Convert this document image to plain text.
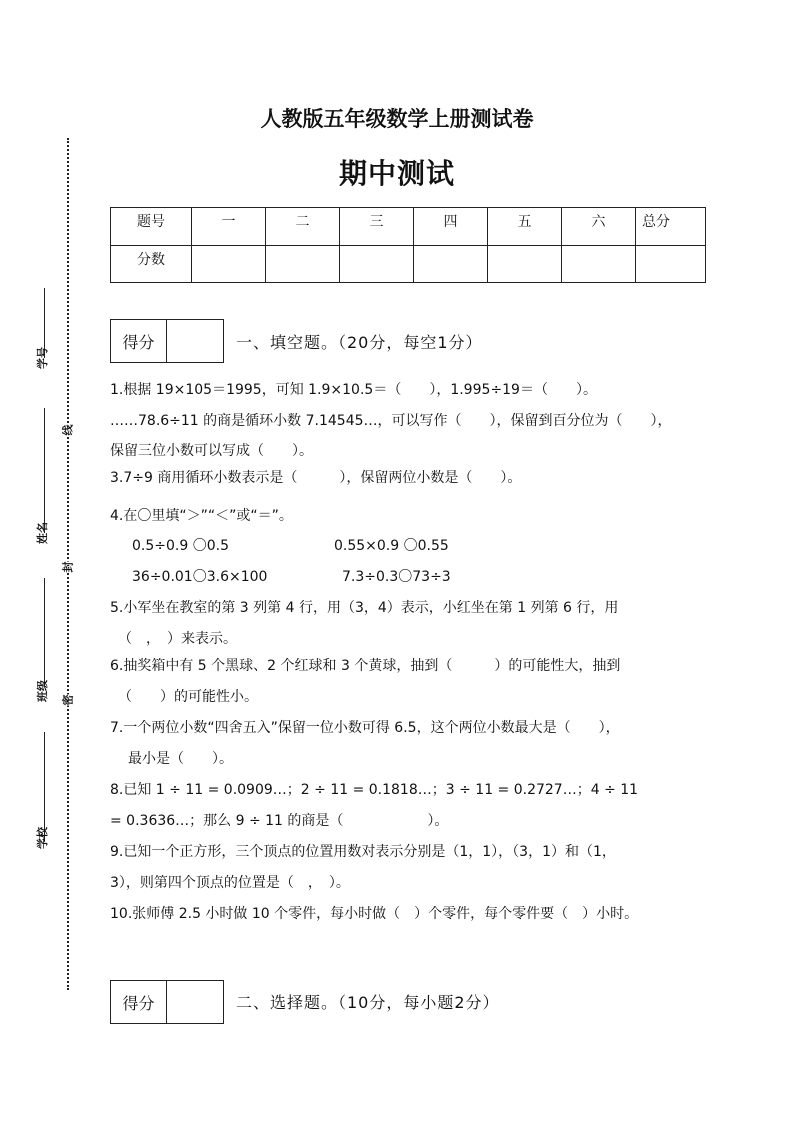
学号
姓名
班级
学校
线
封
密
人教版五年级数学上册测试卷
期中测试
题号	一	二	三	四	五	六	总分
分数							
得分	一、填空题。（20分，每空1分）
1.根据 19×105＝1995，可知 1.9×10.5＝（　　），1.995÷19＝（　　）。
……78.6÷11 的商是循环小数 7.14545…，可以写作（　　），保留到百分位为（　　），
保留三位小数可以写成（　　）。
3.7÷9 商用循环小数表示是（　　　），保留两位小数是（　　）。
4.在〇里填“＞”“＜”或“＝”。
0.5÷0.9 〇0.5	0.55×0.9 〇0.55
36÷0.01〇3.6×100	7.3÷0.3〇73÷3
5.小军坐在教室的第 3 列第 4 行，用（3，4）表示，小红坐在第 1 列第 6 行，用
（　，　）来表示。
6.抽奖箱中有 5 个黑球、2 个红球和 3 个黄球，抽到（　　　）的可能性大，抽到
（　　）的可能性小。
7.一个两位小数“四舍五入”保留一位小数可得 6.5，这个两位小数最大是（　　），
最小是（　　）。
8.已知 1 ÷ 11 = 0.0909…；2 ÷ 11 = 0.1818…；3 ÷ 11 = 0.2727…；4 ÷ 11
= 0.3636…；那么 9 ÷ 11 的商是（　　　　　　）。
9.已知一个正方形，三个顶点的位置用数对表示分别是（1，1），（3，1）和（1，
3），则第四个顶点的位置是（　，　）。
10.张师傅 2.5 小时做 10 个零件，每小时做（　）个零件，每个零件要（　）小时。
得分	二、选择题。（10分，每小题2分）
